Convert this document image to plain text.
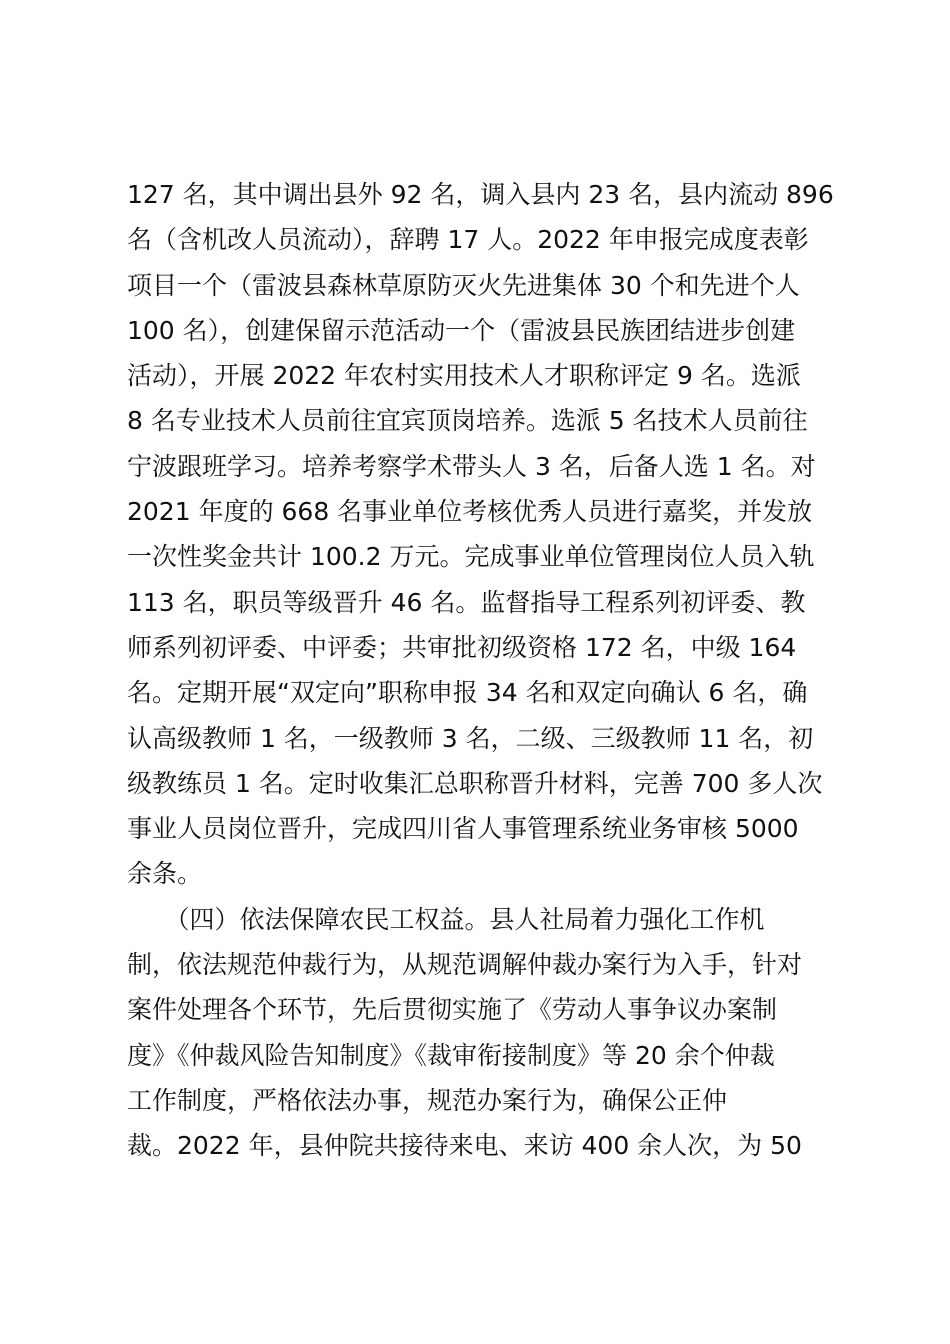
127 名，其中调出县外 92 名，调入县内 23 名，县内流动 896
名（含机改人员流动），辞聘 17 人。2022 年申报完成度表彰
项目一个（雷波县森林草原防灭火先进集体 30 个和先进个人
100 名），创建保留示范活动一个（雷波县民族团结进步创建
活动），开展 2022 年农村实用技术人才职称评定 9 名。选派
8 名专业技术人员前往宜宾顶岗培养。选派 5 名技术人员前往
宁波跟班学习。培养考察学术带头人 3 名，后备人选 1 名。对
2021 年度的 668 名事业单位考核优秀人员进行嘉奖，并发放
一次性奖金共计 100.2 万元。完成事业单位管理岗位人员入轨
113 名，职员等级晋升 46 名。监督指导工程系列初评委、教
师系列初评委、中评委；共审批初级资格 172 名，中级 164
名。定期开展“双定向”职称申报 34 名和双定向确认 6 名，确
认高级教师 1 名，一级教师 3 名，二级、三级教师 11 名，初
级教练员 1 名。定时收集汇总职称晋升材料，完善 700 多人次
事业人员岗位晋升，完成四川省人事管理系统业务审核 5000
余条。
　　（四）依法保障农民工权益。县人社局着力强化工作机
制，依法规范仲裁行为，从规范调解仲裁办案行为入手，针对
案件处理各个环节，先后贯彻实施了《劳动人事争议办案制
度》《仲裁风险告知制度》《裁审衔接制度》等 20 余个仲裁
工作制度，严格依法办事，规范办案行为，确保公正仲
裁。2022 年，县仲院共接待来电、来访 400 余人次，为 50
